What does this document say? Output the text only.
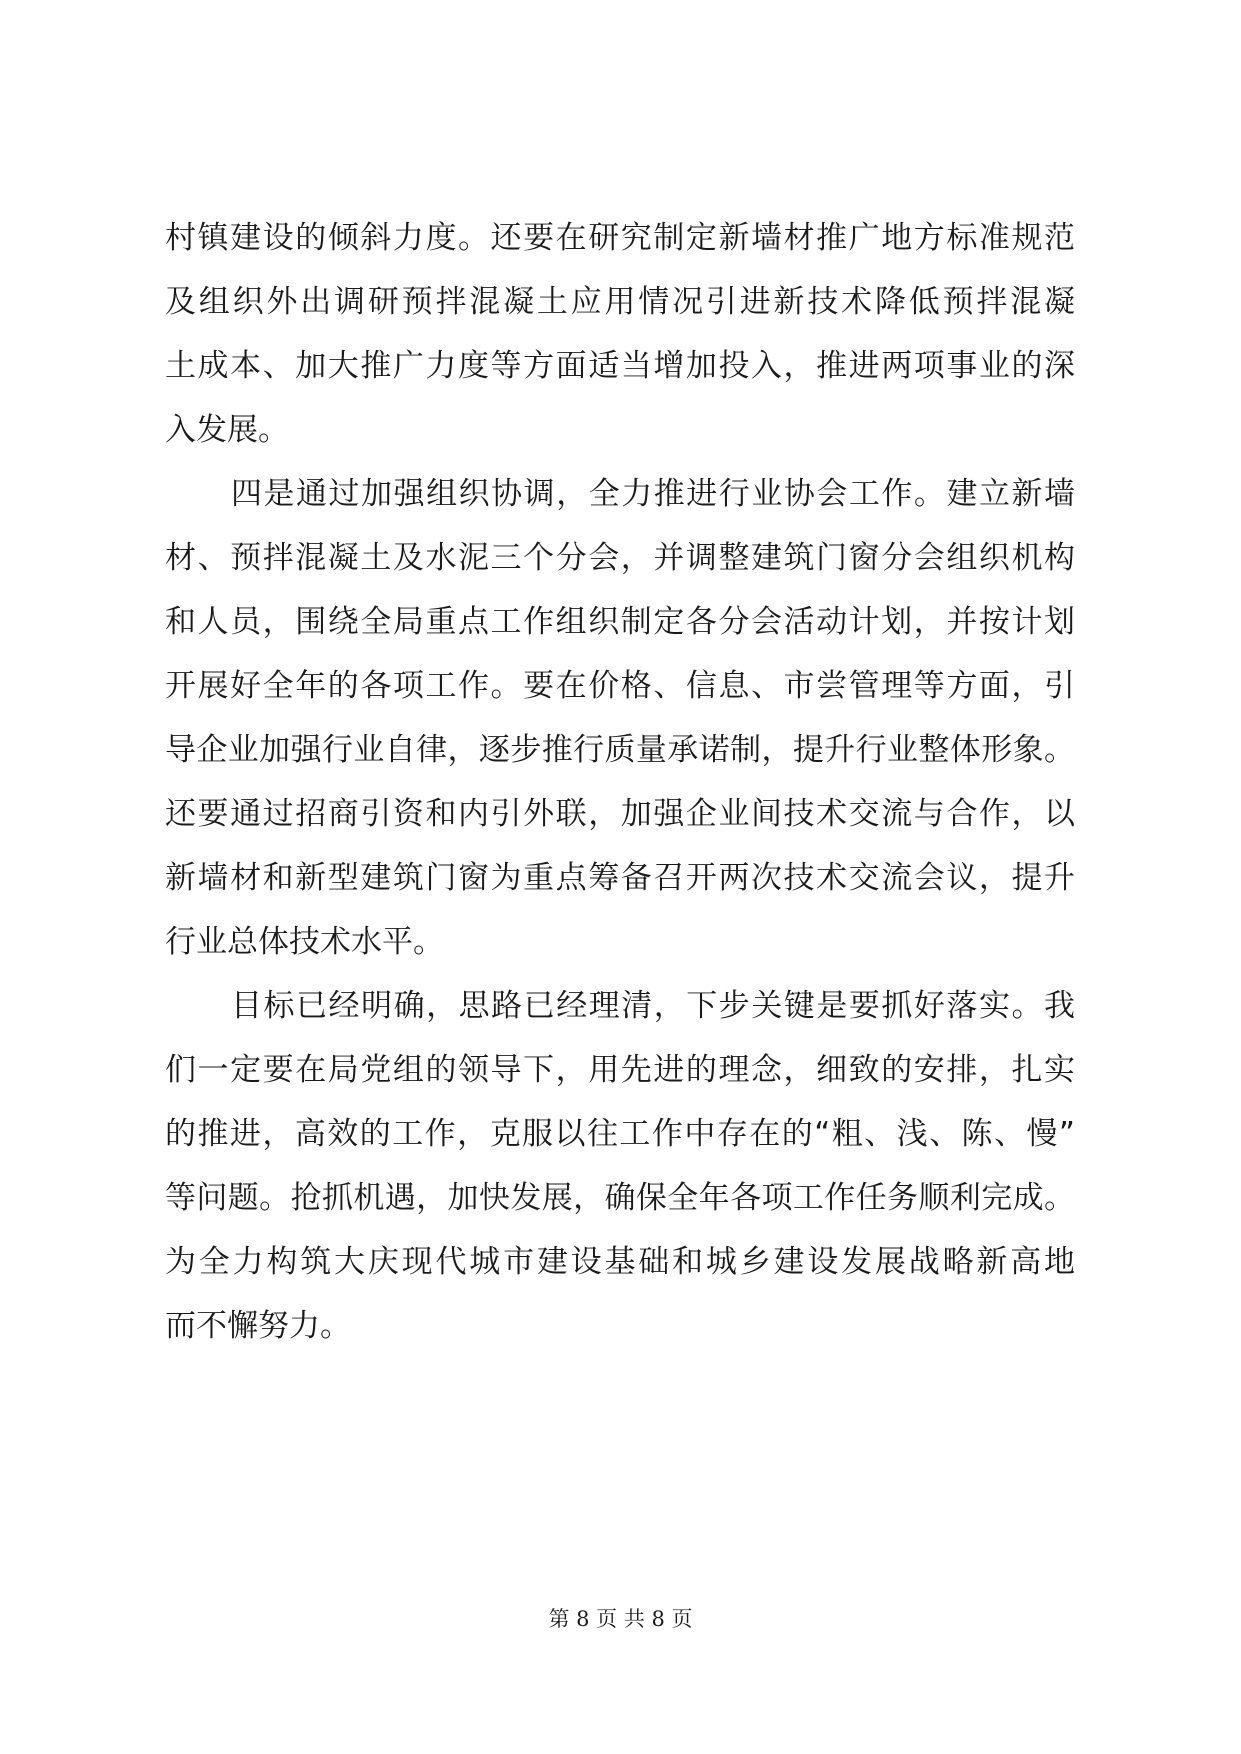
村镇建设的倾斜力度。还要在研究制定新墙材推广地方标准规范
及组织外出调研预拌混凝土应用情况引进新技术降低预拌混凝
土成本、加大推广力度等方面适当增加投入，推进两项事业的深
入发展。
四是通过加强组织协调，全力推进行业协会工作。建立新墙
材、预拌混凝土及水泥三个分会，并调整建筑门窗分会组织机构
和人员，围绕全局重点工作组织制定各分会活动计划，并按计划
开展好全年的各项工作。要在价格、信息、市尝管理等方面，引
导企业加强行业自律，逐步推行质量承诺制，提升行业整体形象。
还要通过招商引资和内引外联，加强企业间技术交流与合作，以
新墙材和新型建筑门窗为重点筹备召开两次技术交流会议，提升
行业总体技术水平。
目标已经明确，思路已经理清，下步关键是要抓好落实。我
们一定要在局党组的领导下，用先进的理念，细致的安排，扎实
的推进，高效的工作，克服以往工作中存在的“粗、浅、陈、慢”
等问题。抢抓机遇，加快发展，确保全年各项工作任务顺利完成。
为全力构筑大庆现代城市建设基础和城乡建设发展战略新高地
而不懈努力。
第 8 页 共 8 页
